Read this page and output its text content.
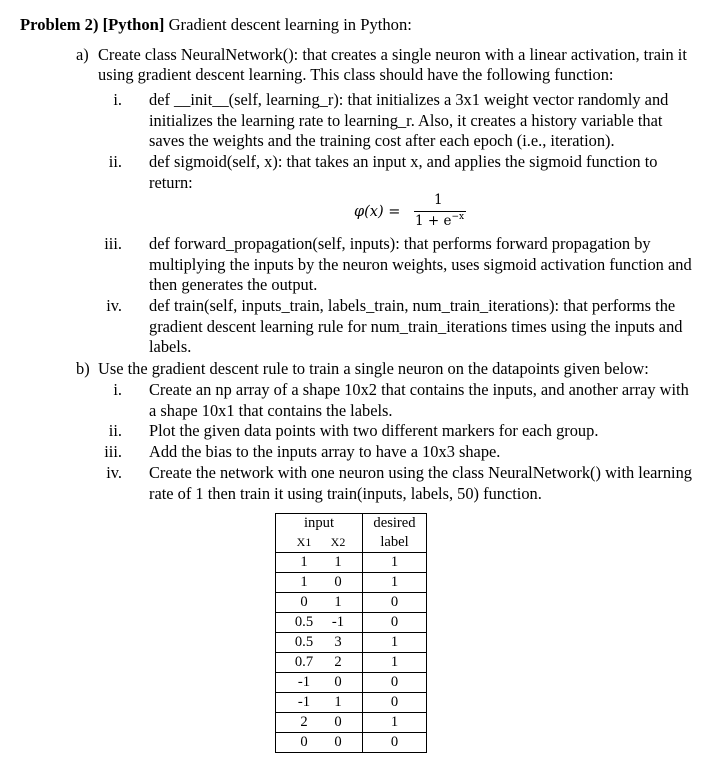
Problem 2) [Python] Gradient descent learning in Python:
a) Create class NeuralNetwork(): that creates a single neuron with a linear activation, train it using gradient descent learning. This class should have the following function:
i. def __init__(self, learning_r): that initializes a 3x1 weight vector randomly and initializes the learning rate to learning_r. Also, it creates a history variable that saves the weights and the training cost after each epoch (i.e., iteration).
ii. def sigmoid(self, x): that takes an input x, and applies the sigmoid function to return:
φ(x) =
1
$1 + e^{-x}$
iii. def forward_propagation(self, inputs): that performs forward propagation by multiplying the inputs by the neuron weights, uses sigmoid activation function and then generates the output.
iv. def train(self, inputs_train, labels_train, num_train_iterations): that performs the gradient descent learning rule for num_train_iterations times using the inputs and labels.
b) Use the gradient descent rule to train a single neuron on the datapoints given below:
i. Create an np array of a shape 10x2 that contains the inputs, and another array with a shape 10x1 that contains the labels.
ii. Plot the given data points with two different markers for each group.
iii. Add the bias to the inputs array to have a 10x3 shape.
iv. Create the network with one neuron using the class NeuralNetwork() with learning rate of 1 then train it using train(inputs, labels, 50) function.
input	desired

X1 X2	label

1 1	1

1 0	1

0 1	0

0.5 -1	0

0.5 3	1

0.7 2	1

-1 0	0

-1 1	0

2 0	1

0 0	0
